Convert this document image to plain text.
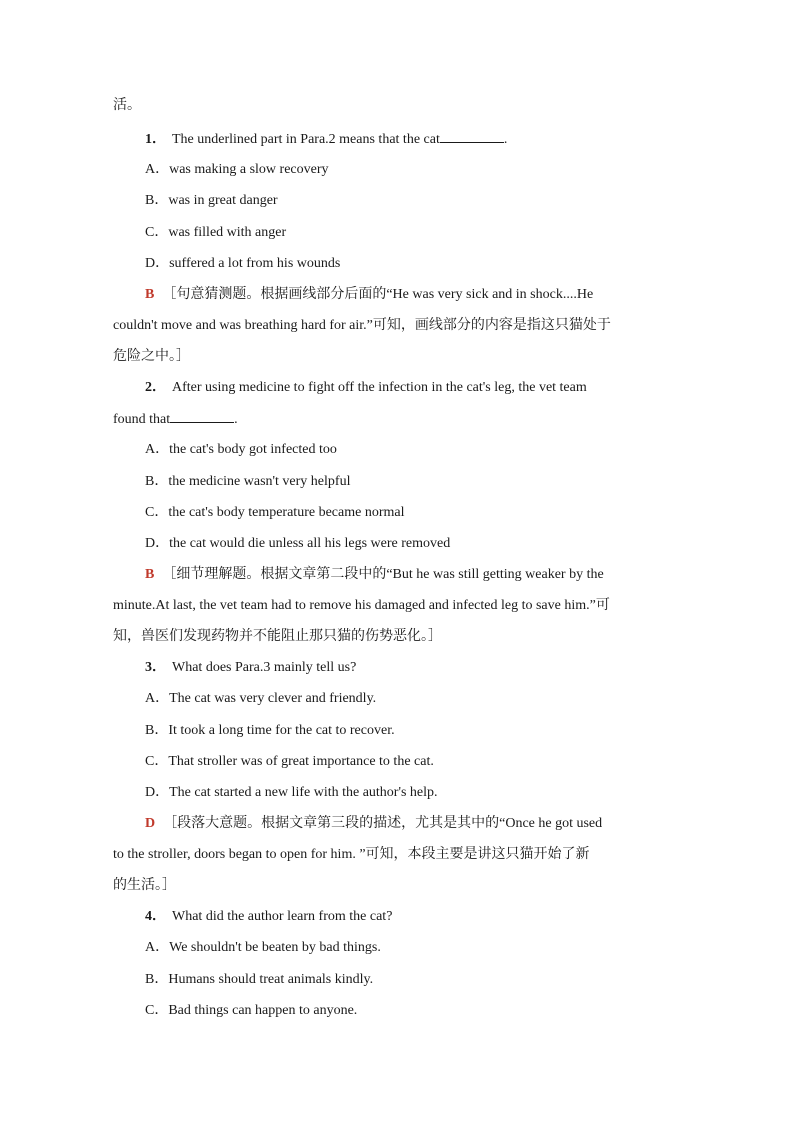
活。
1． The underlined part in Para.2 means that the cat	.
A．was making a slow recovery
B．was in great danger
C．was filled with anger
D．suffered a lot from his wounds
B ［句意猜测题。根据画线部分后面的“He was very sick and in shock....He
couldn't move and was breathing hard for air.”可知，画线部分的内容是指这只猫处于
危险之中。］
2． After using medicine to fight off the infection in the cat's leg, the vet team
found that	.
A．the cat's body got infected too
B．the medicine wasn't very helpful
C．the cat's body temperature became normal
D．the cat would die unless all his legs were removed
B ［细节理解题。根据文章第二段中的“But he was still getting weaker by the
minute.At last, the vet team had to remove his damaged and infected leg to save him.”可
知，兽医们发现药物并不能阻止那只猫的伤势恶化。］
3． What does Para.3 mainly tell us?
A．The cat was very clever and friendly.
B．It took a long time for the cat to recover.
C．That stroller was of great importance to the cat.
D．The cat started a new life with the author's help.
D ［段落大意题。根据文章第三段的描述，尤其是其中的“Once he got used
to the stroller, doors began to open for him. ”可知，本段主要是讲这只猫开始了新
的生活。］
4． What did the author learn from the cat?
A．We shouldn't be beaten by bad things.
B．Humans should treat animals kindly.
C．Bad things can happen to anyone.
